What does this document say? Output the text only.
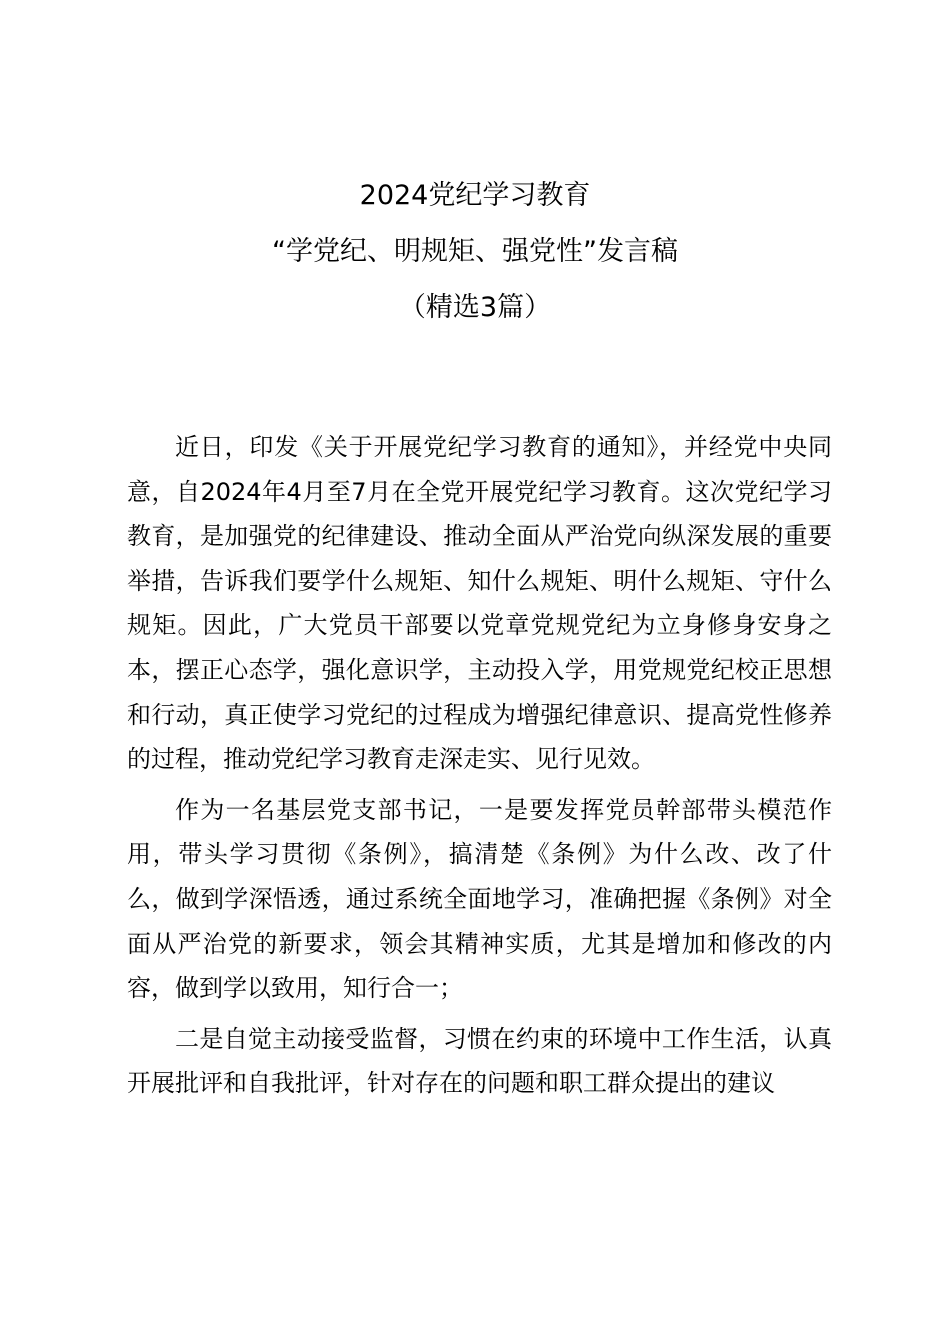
2024党纪学习教育
“学党纪、明规矩、强党性”发言稿
（精选3篇）

近日，印发《关于开展党纪学习教育的通知》，并经党中央同意，自2024年4月至7月在全党开展党纪学习教育。这次党纪学习教育，是加强党的纪律建设、推动全面从严治党向纵深发展的重要举措，告诉我们要学什么规矩、知什么规矩、明什么规矩、守什么规矩。因此，广大党员干部要以党章党规党纪为立身修身安身之本，摆正心态学，强化意识学，主动投入学，用党规党纪校正思想和行动，真正使学习党纪的过程成为增强纪律意识、提高党性修养的过程，推动党纪学习教育走深走实、见行见效。

作为一名基层党支部书记，一是要发挥党员幹部带头模范作用，带头学习贯彻《条例》，搞清楚《条例》为什么改、改了什么，做到学深悟透，通过系统全面地学习，准确把握《条例》对全面从严治党的新要求，领会其精神实质，尤其是增加和修改的内容，做到学以致用，知行合一；

二是自觉主动接受监督，习惯在约束的环境中工作生活，认真开展批评和自我批评，针对存在的问题和职工群众提出的建议
